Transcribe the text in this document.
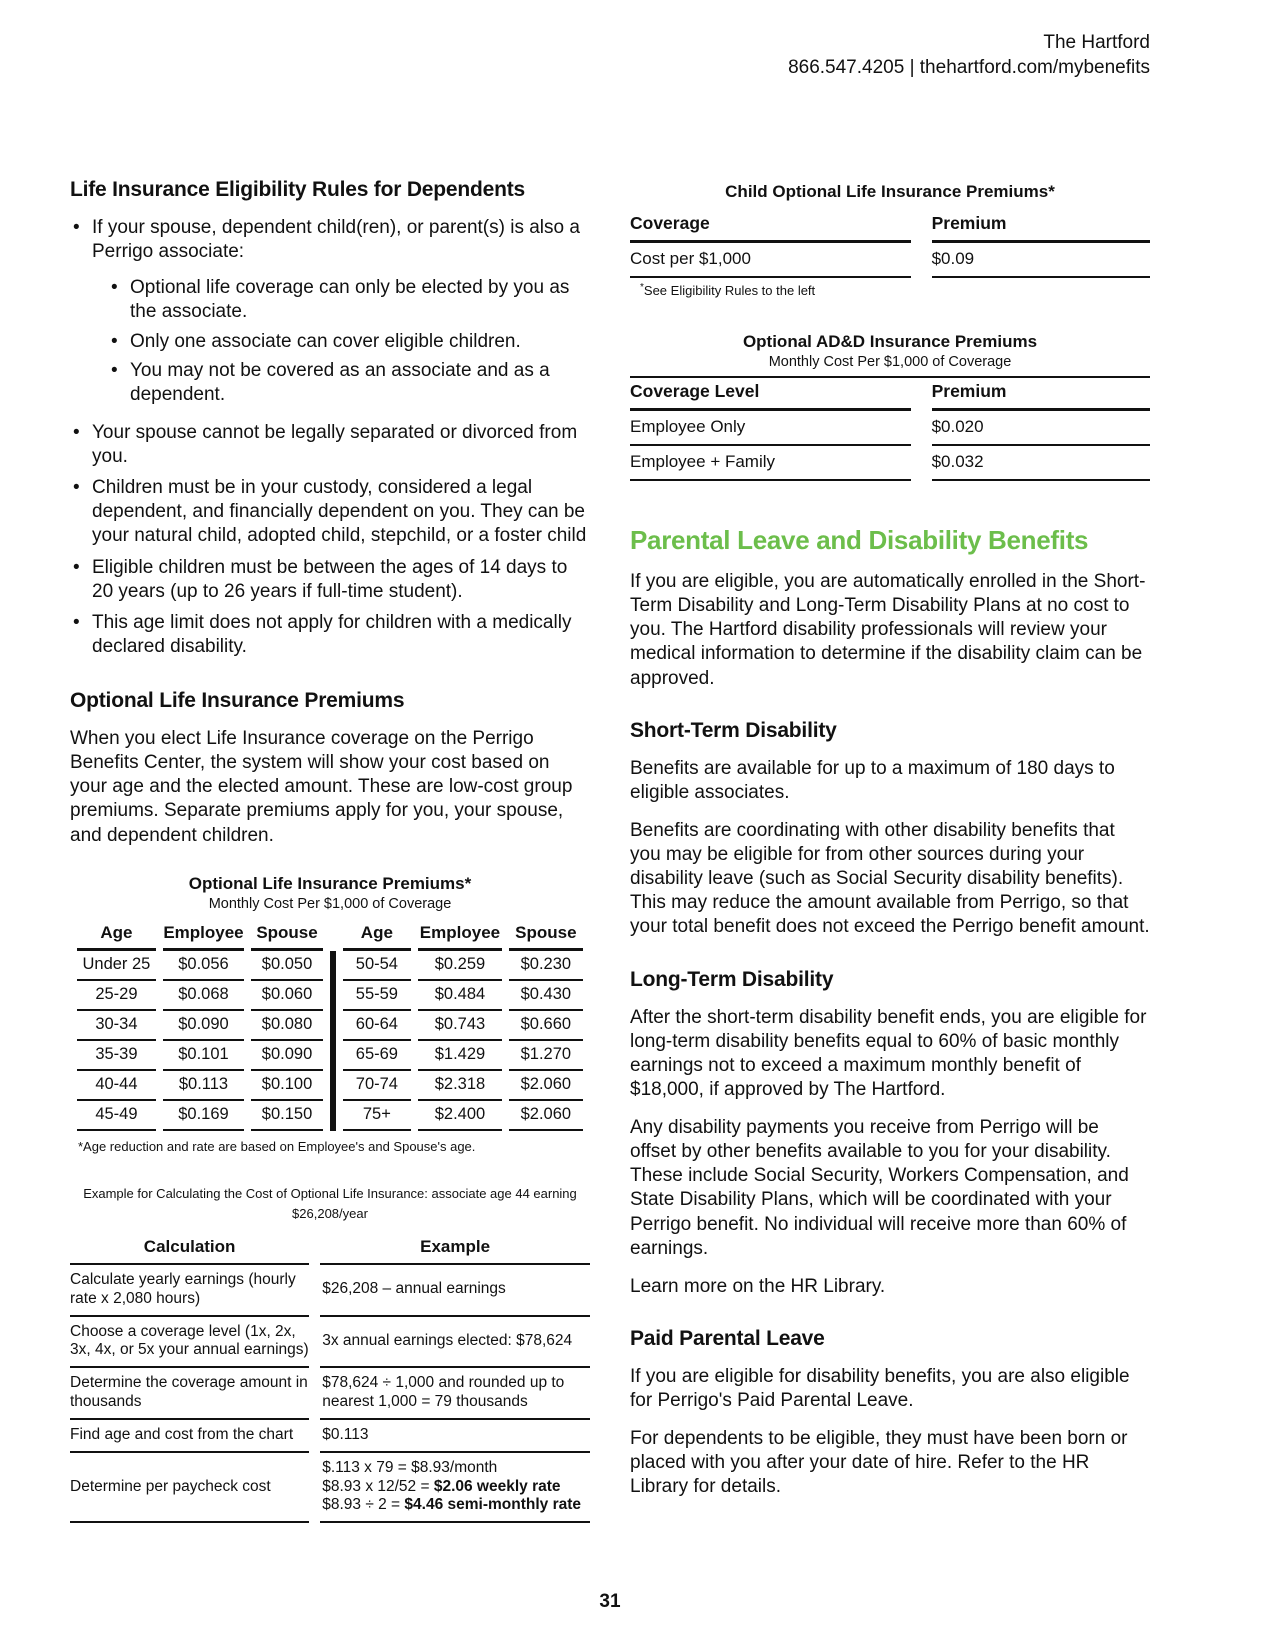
The Hartford
866.547.4205 | thehartford.com/mybenefits
Life Insurance Eligibility Rules for Dependents
• If your spouse, dependent child(ren), or parent(s) is also a Perrigo associate:
• Optional life coverage can only be elected by you as the associate.
• Only one associate can cover eligible children.
• You may not be covered as an associate and as a dependent.
• Your spouse cannot be legally separated or divorced from you.
• Children must be in your custody, considered a legal dependent, and financially dependent on you. They can be your natural child, adopted child, stepchild, or a foster child
• Eligible children must be between the ages of 14 days to 20 years (up to 26 years if full-time student).
• This age limit does not apply for children with a medically declared disability.
Optional Life Insurance Premiums

When you elect Life Insurance coverage on the Perrigo Benefits Center, the system will show your cost based on your age and the elected amount. These are low-cost group premiums. Separate premiums apply for you, your spouse, and dependent children.

Optional Life Insurance Premiums*
Monthly Cost Per $1,000 of Coverage
Age	Employee	Spouse		Age	Employee	Spouse
Under 25	$0.056	$0.050		50-54	$0.259	$0.230
25-29	$0.068	$0.060		55-59	$0.484	$0.430
30-34	$0.090	$0.080		60-64	$0.743	$0.660
35-39	$0.101	$0.090		65-69	$1.429	$1.270
40-44	$0.113	$0.100		70-74	$2.318	$2.060
45-49	$0.169	$0.150		75+	$2.400	$2.060
*Age reduction and rate are based on Employee's and Spouse's age.
Example for Calculating the Cost of Optional Life Insurance: associate age 44 earning
$26,208/year
Calculation	Example
Calculate yearly earnings (hourly rate x 2,080 hours)	$26,208 – annual earnings
Choose a coverage level (1x, 2x, 3x, 4x, or 5x your annual earnings)	3x annual earnings elected: $78,624
Determine the coverage amount in thousands	$78,624 ÷ 1,000 and rounded up to nearest 1,000 = 79 thousands
Find age and cost from the chart	$0.113
Determine per paycheck cost	$.113 x 79 = $8.93/month
$8.93 x 12/52 = $2.06 weekly rate
$8.93 ÷ 2 = $4.46 semi-monthly rate
Child Optional Life Insurance Premiums*
Coverage		Premium
Cost per $1,000		$0.09
*See Eligibility Rules to the left
Optional AD&D Insurance Premiums
Monthly Cost Per $1,000 of Coverage
Coverage Level		Premium
Employee Only		$0.020
Employee + Family		$0.032
Parental Leave and Disability Benefits

If you are eligible, you are automatically enrolled in the Short-Term Disability and Long-Term Disability Plans at no cost to you. The Hartford disability professionals will review your medical information to determine if the disability claim can be approved.

Short-Term Disability

Benefits are available for up to a maximum of 180 days to eligible associates.

Benefits are coordinating with other disability benefits that you may be eligible for from other sources during your disability leave (such as Social Security disability benefits). This may reduce the amount available from Perrigo, so that your total benefit does not exceed the Perrigo benefit amount.

Long-Term Disability

After the short-term disability benefit ends, you are eligible for long-term disability benefits equal to 60% of basic monthly earnings not to exceed a maximum monthly benefit of $18,000, if approved by The Hartford.

Any disability payments you receive from Perrigo will be offset by other benefits available to you for your disability. These include Social Security, Workers Compensation, and State Disability Plans, which will be coordinated with your Perrigo benefit. No individual will receive more than 60% of earnings.

Learn more on the HR Library.

Paid Parental Leave

If you are eligible for disability benefits, you are also eligible for Perrigo's Paid Parental Leave.

For dependents to be eligible, they must have been born or placed with you after your date of hire. Refer to the HR Library for details.

31
